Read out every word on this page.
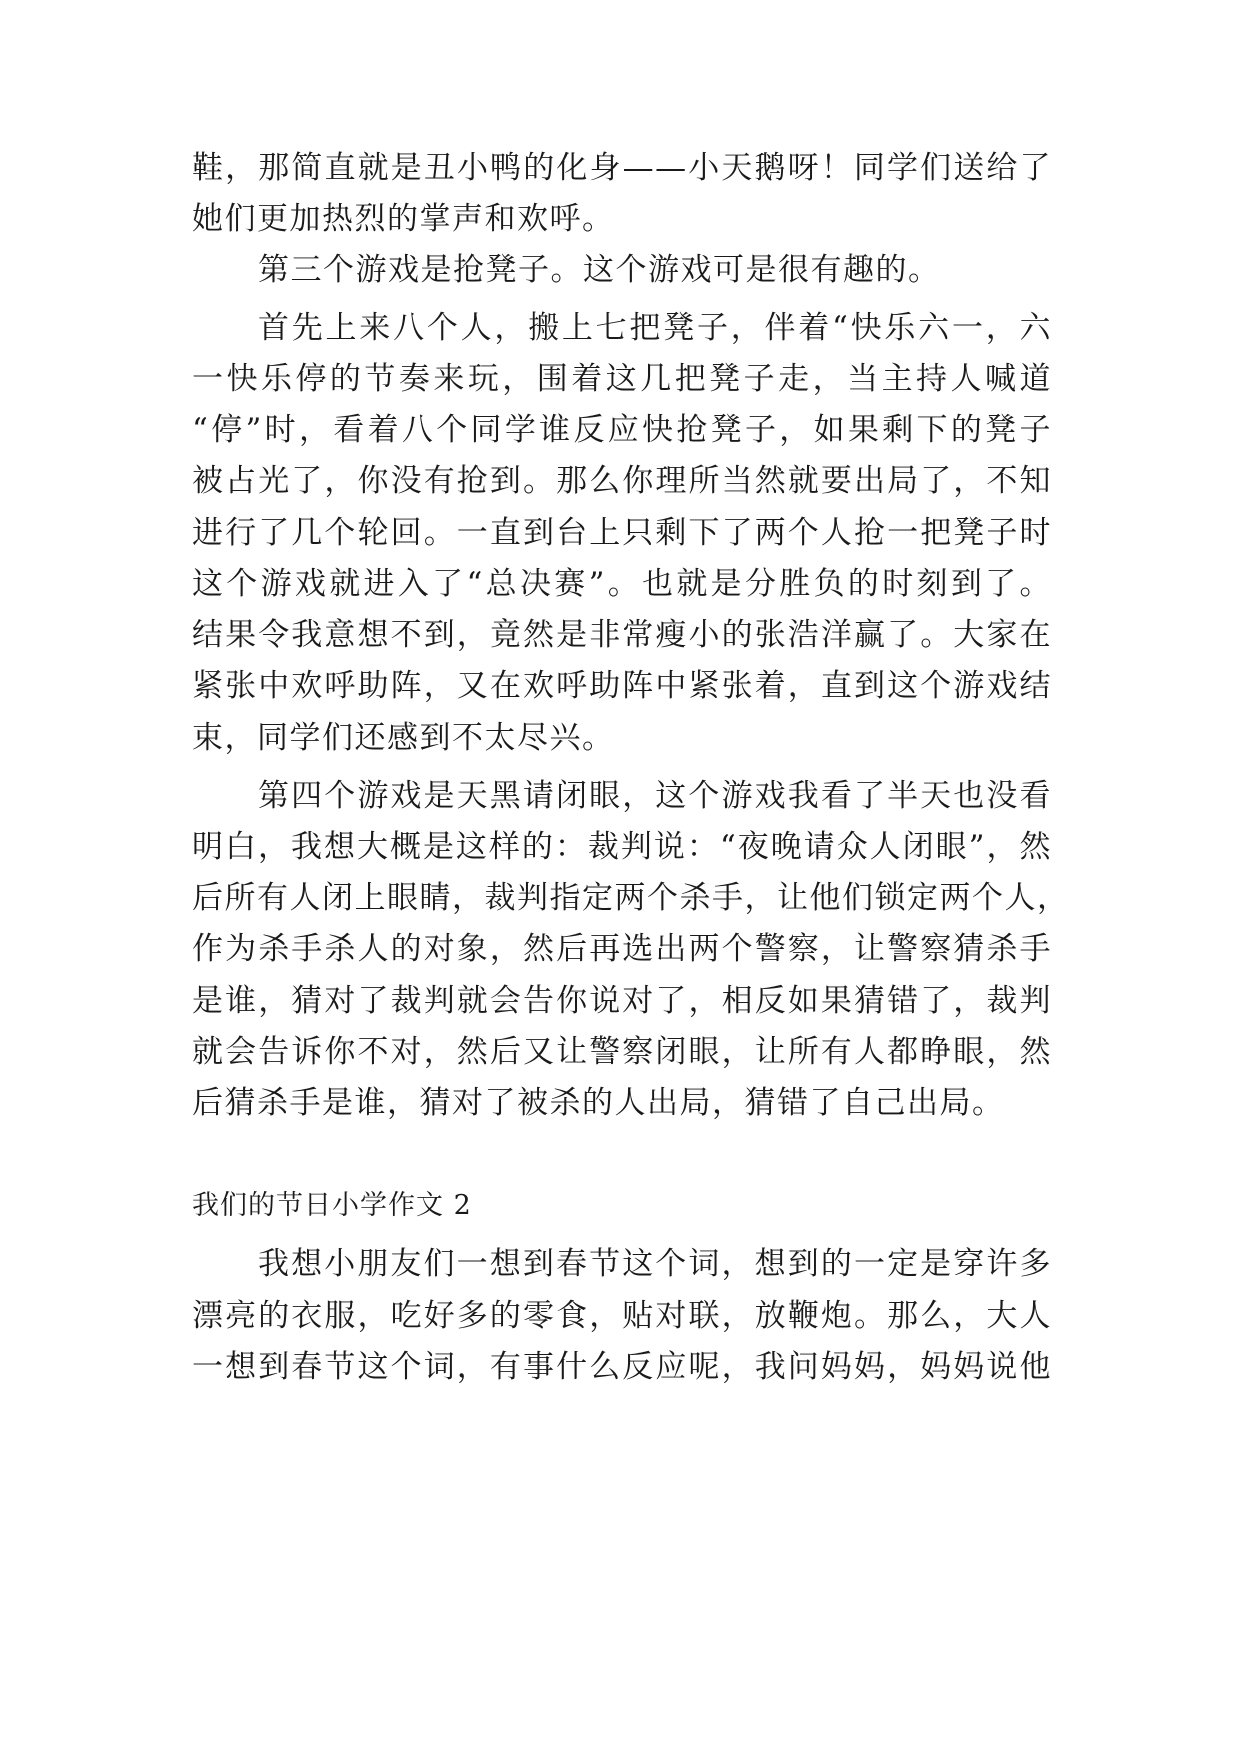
鞋，那简直就是丑小鸭的化身——小天鹅呀！同学们送给了
她们更加热烈的掌声和欢呼。
第三个游戏是抢凳子。这个游戏可是很有趣的。
首先上来八个人，搬上七把凳子，伴着“快乐六一，六
一快乐停的节奏来玩，围着这几把凳子走，当主持人喊道
“停”时，看着八个同学谁反应快抢凳子，如果剩下的凳子
被占光了，你没有抢到。那么你理所当然就要出局了，不知
进行了几个轮回。一直到台上只剩下了两个人抢一把凳子时
这个游戏就进入了“总决赛”。也就是分胜负的时刻到了。
结果令我意想不到，竟然是非常瘦小的张浩洋赢了。大家在
紧张中欢呼助阵，又在欢呼助阵中紧张着，直到这个游戏结
束，同学们还感到不太尽兴。
第四个游戏是天黑请闭眼，这个游戏我看了半天也没看
明白，我想大概是这样的：裁判说：“夜晚请众人闭眼”，然
后所有人闭上眼睛，裁判指定两个杀手，让他们锁定两个人，
作为杀手杀人的对象，然后再选出两个警察，让警察猜杀手
是谁，猜对了裁判就会告你说对了，相反如果猜错了，裁判
就会告诉你不对，然后又让警察闭眼，让所有人都睁眼，然
后猜杀手是谁，猜对了被杀的人出局，猜错了自己出局。
我们的节日小学作文 2
我想小朋友们一想到春节这个词，想到的一定是穿许多
漂亮的衣服，吃好多的零食，贴对联，放鞭炮。那么，大人
一想到春节这个词，有事什么反应呢，我问妈妈，妈妈说他
